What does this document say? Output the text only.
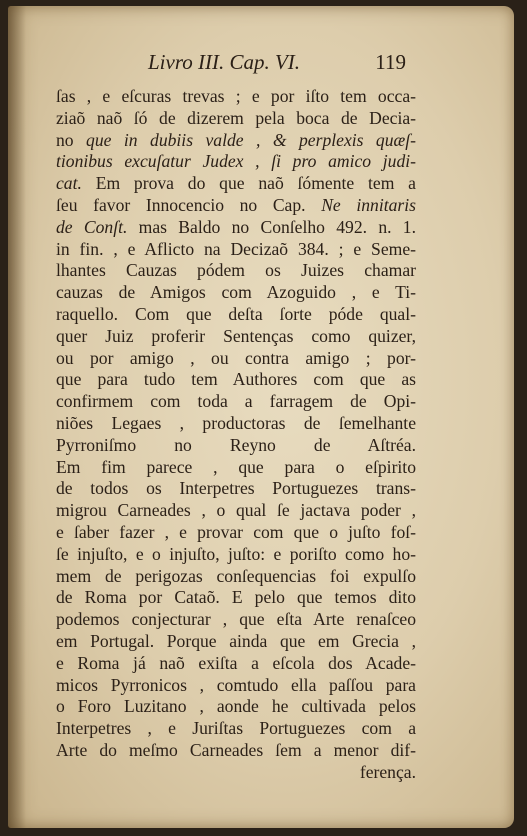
Livro III. Cap. VI.	119
ſas , e eſcuras trevas ; e por iſto tem occa-
ziaõ naõ ſó de dizerem pela boca de Decia-
no que in dubiis valde , & perplexis quæſ-
tionibus excuſatur Judex , ſi pro amico judi-
cat. Em prova do que naõ ſómente tem a
ſeu favor Innocencio no Cap. Ne innitaris
de Conſt. mas Baldo no Conſelho 492. n. 1.
in fin. , e Aflicto na Decizaõ 384. ; e Seme-
lhantes Cauzas pódem os Juizes chamar
cauzas de Amigos com Azoguido , e Ti-
raquello. Com que deſta ſorte póde qual-
quer Juiz proferir Sentenças como quizer,
ou por amigo , ou contra amigo ; por-
que para tudo tem Authores com que as
confirmem com toda a farragem de Opi-
niões Legaes , productoras de ſemelhante
Pyrroniſmo no Reyno de Aſtréa.
Em fim parece , que para o eſpirito
de todos os Interpetres Portuguezes trans-
migrou Carneades , o qual ſe jactava poder ,
e ſaber fazer , e provar com que o juſto foſ-
ſe injuſto, e o injuſto, juſto: e poriſto como ho-
mem de perigozas conſequencias foi expulſo
de Roma por Cataõ. E pelo que temos dito
podemos conjecturar , que eſta Arte renaſceo
em Portugal. Porque ainda que em Grecia ,
e Roma já naõ exiſta a eſcola dos Acade-
micos Pyrronicos , comtudo ella paſſou para
o Foro Luzitano , aonde he cultivada pelos
Interpetres , e Juriſtas Portuguezes com a
Arte do meſmo Carneades ſem a menor dif-
ferença.
